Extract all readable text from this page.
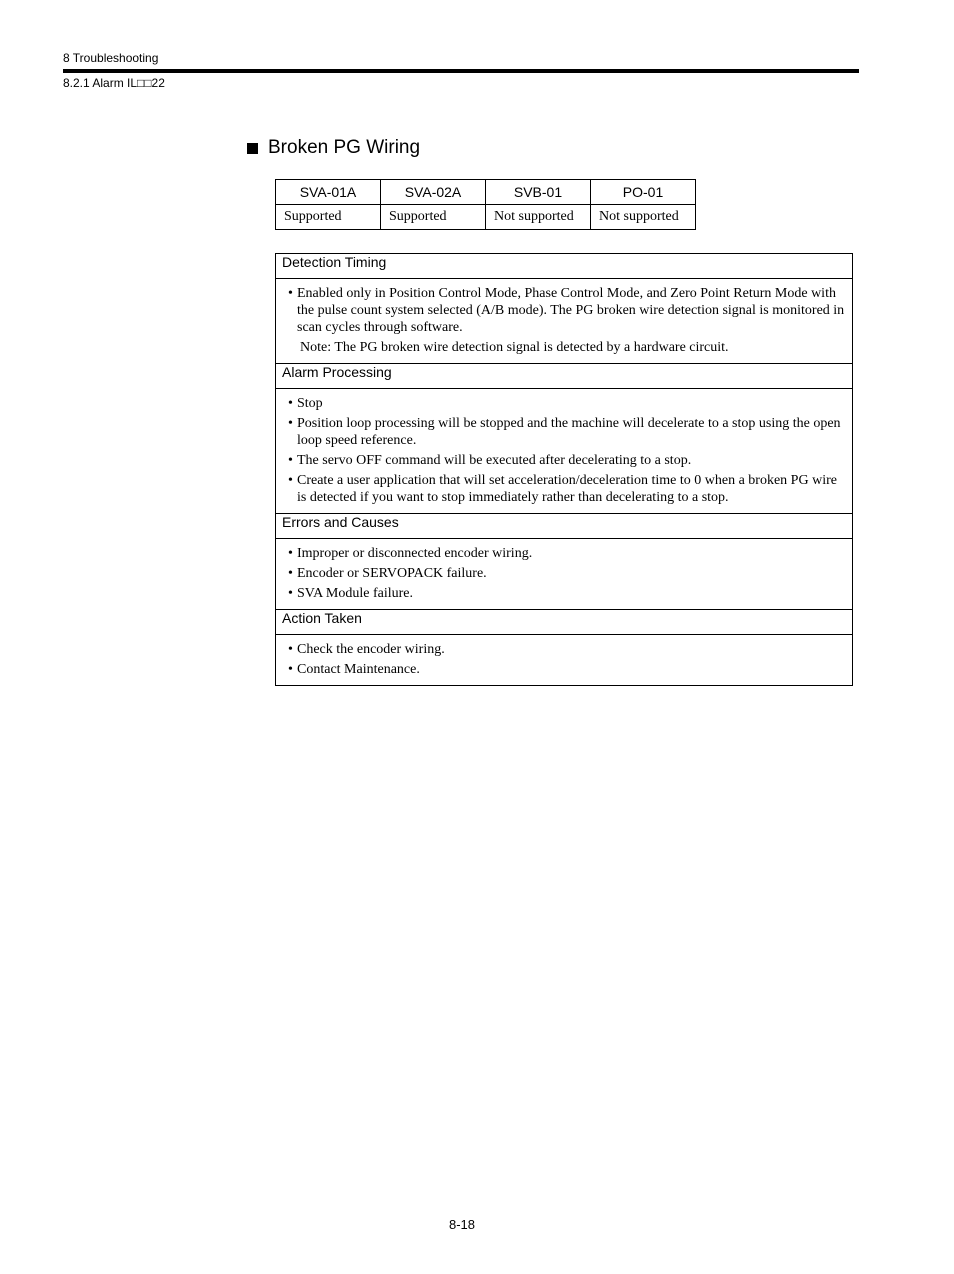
8 Troubleshooting
8.2.1 Alarm IL□□22
Broken PG Wiring
SVA-01A	SVA-02A	SVB-01	PO-01
Supported	Supported	Not supported	Not supported
Detection Timing
• Enabled only in Position Control Mode, Phase Control Mode, and Zero Point Return Mode with the pulse count system selected (A/B mode). The PG broken wire detection signal is monitored in scan cycles through software.
Note: The PG broken wire detection signal is detected by a hardware circuit.
Alarm Processing
• Stop
• Position loop processing will be stopped and the machine will decelerate to a stop using the open loop speed reference.
• The servo OFF command will be executed after decelerating to a stop.
• Create a user application that will set acceleration/deceleration time to 0 when a broken PG wire is detected if you want to stop immediately rather than decelerating to a stop.
Errors and Causes
• Improper or disconnected encoder wiring.
• Encoder or SERVOPACK failure.
• SVA Module failure.
Action Taken
• Check the encoder wiring.
• Contact Maintenance.
8-18
